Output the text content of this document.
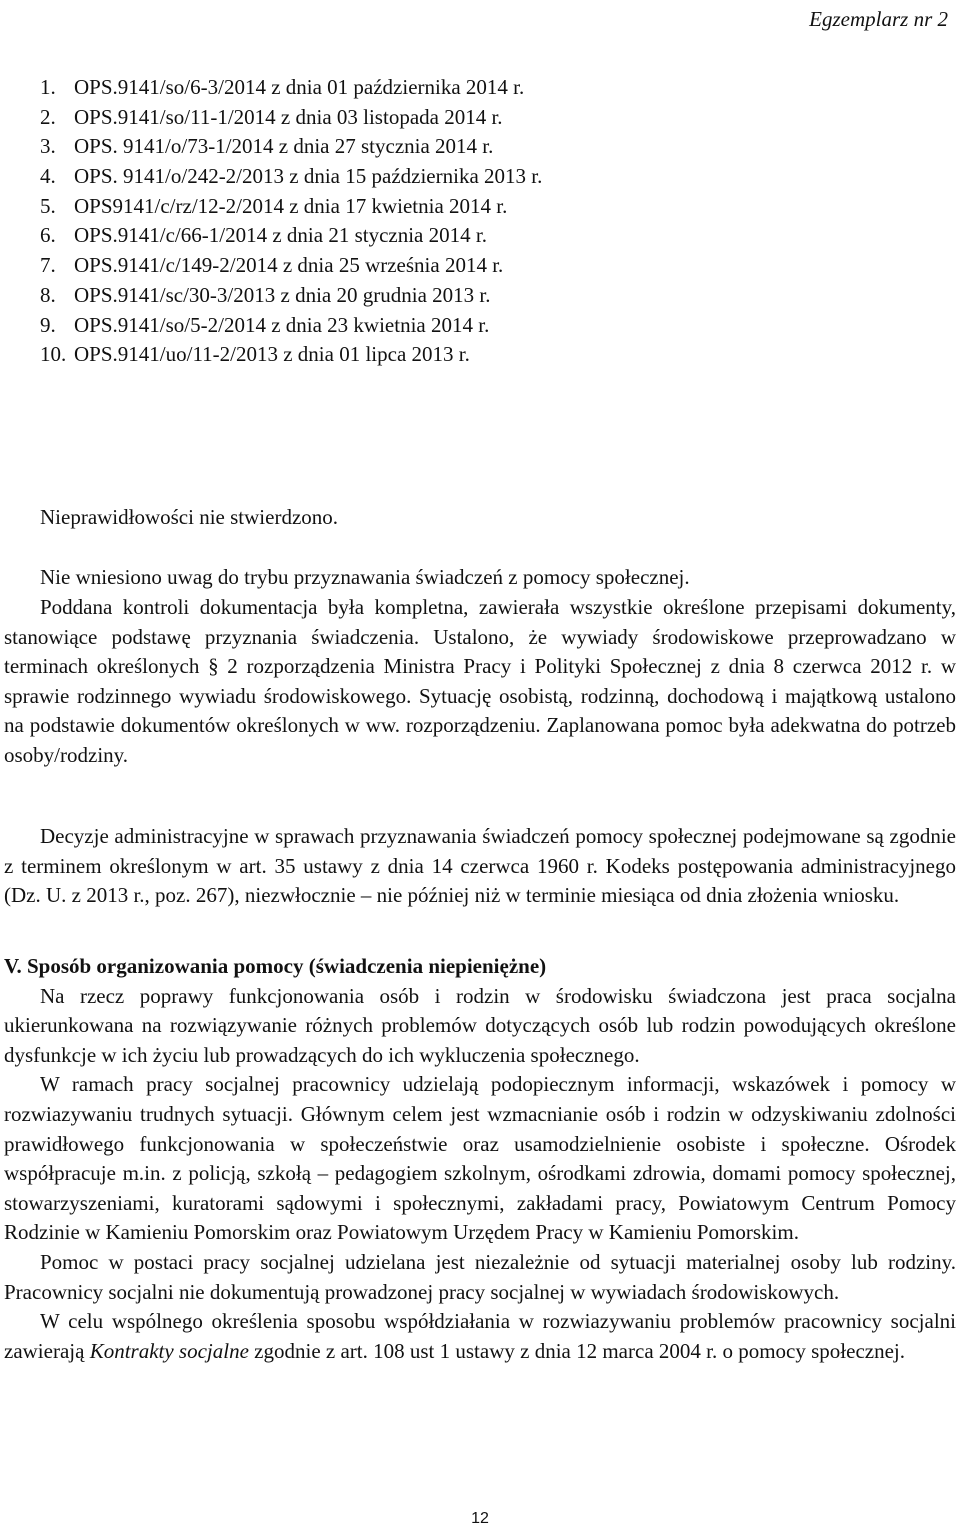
Egzemplarz nr 2
1. OPS.9141/so/6-3/2014 z dnia 01 października 2014 r.
2. OPS.9141/so/11-1/2014 z dnia 03 listopada 2014 r.
3. OPS. 9141/o/73-1/2014 z dnia 27 stycznia 2014 r.
4. OPS. 9141/o/242-2/2013 z dnia 15 października 2013 r.
5. OPS9141/c/rz/12-2/2014 z dnia 17 kwietnia 2014 r.
6. OPS.9141/c/66-1/2014 z dnia 21 stycznia 2014 r.
7. OPS.9141/c/149-2/2014 z dnia 25 września 2014 r.
8. OPS.9141/sc/30-3/2013 z dnia 20 grudnia 2013 r.
9. OPS.9141/so/5-2/2014 z dnia 23 kwietnia 2014 r.
10. OPS.9141/uo/11-2/2013 z dnia 01 lipca 2013 r.
Nieprawidłowości nie stwierdzono.
Nie wniesiono uwag do trybu przyznawania świadczeń z pomocy społecznej.

Poddana kontroli dokumentacja była kompletna, zawierała wszystkie określone przepisami dokumenty, stanowiące podstawę przyznania świadczenia. Ustalono, że wywiady środowiskowe przeprowadzano w terminach określonych § 2 rozporządzenia Ministra Pracy i Polityki Społecznej z dnia 8 czerwca 2012 r. w sprawie rodzinnego wywiadu środowiskowego. Sytuację osobistą, rodzinną, dochodową i majątkową ustalono na podstawie dokumentów określonych w ww. rozporządzeniu. Zaplanowana pomoc była adekwatna do potrzeb osoby/rodziny.

Decyzje administracyjne w sprawach przyznawania świadczeń pomocy społecznej podejmowane są zgodnie z terminem określonym w art. 35 ustawy z dnia 14 czerwca 1960 r. Kodeks postępowania administracyjnego (Dz. U. z 2013 r., poz. 267), niezwłocznie – nie później niż w terminie miesiąca od dnia złożenia wniosku.

V. Sposób organizowania pomocy (świadczenia niepieniężne)

Na rzecz poprawy funkcjonowania osób i rodzin w środowisku świadczona jest praca socjalna ukierunkowana na rozwiązywanie różnych problemów dotyczących osób lub rodzin powodujących określone dysfunkcje w ich życiu lub prowadzących do ich wykluczenia społecznego.

W ramach pracy socjalnej pracownicy udzielają podopiecznym informacji, wskazówek i pomocy w rozwiazywaniu trudnych sytuacji. Głównym celem jest wzmacnianie osób i rodzin w odzyskiwaniu zdolności prawidłowego funkcjonowania w społeczeństwie oraz usamodzielnienie osobiste i społeczne. Ośrodek współpracuje m.in. z policją, szkołą – pedagogiem szkolnym, ośrodkami zdrowia, domami pomocy społecznej, stowarzyszeniami, kuratorami sądowymi i społecznymi, zakładami pracy, Powiatowym Centrum Pomocy Rodzinie w Kamieniu Pomorskim oraz Powiatowym Urzędem Pracy w Kamieniu Pomorskim.

Pomoc w postaci pracy socjalnej udzielana jest niezależnie od sytuacji materialnej osoby lub rodziny. Pracownicy socjalni nie dokumentują prowadzonej pracy socjalnej w wywiadach środowiskowych.

W celu wspólnego określenia sposobu współdziałania w rozwiazywaniu problemów pracownicy socjalni zawierają Kontrakty socjalne zgodnie z art. 108 ust 1 ustawy z dnia 12 marca 2004 r. o pomocy społecznej.

12
